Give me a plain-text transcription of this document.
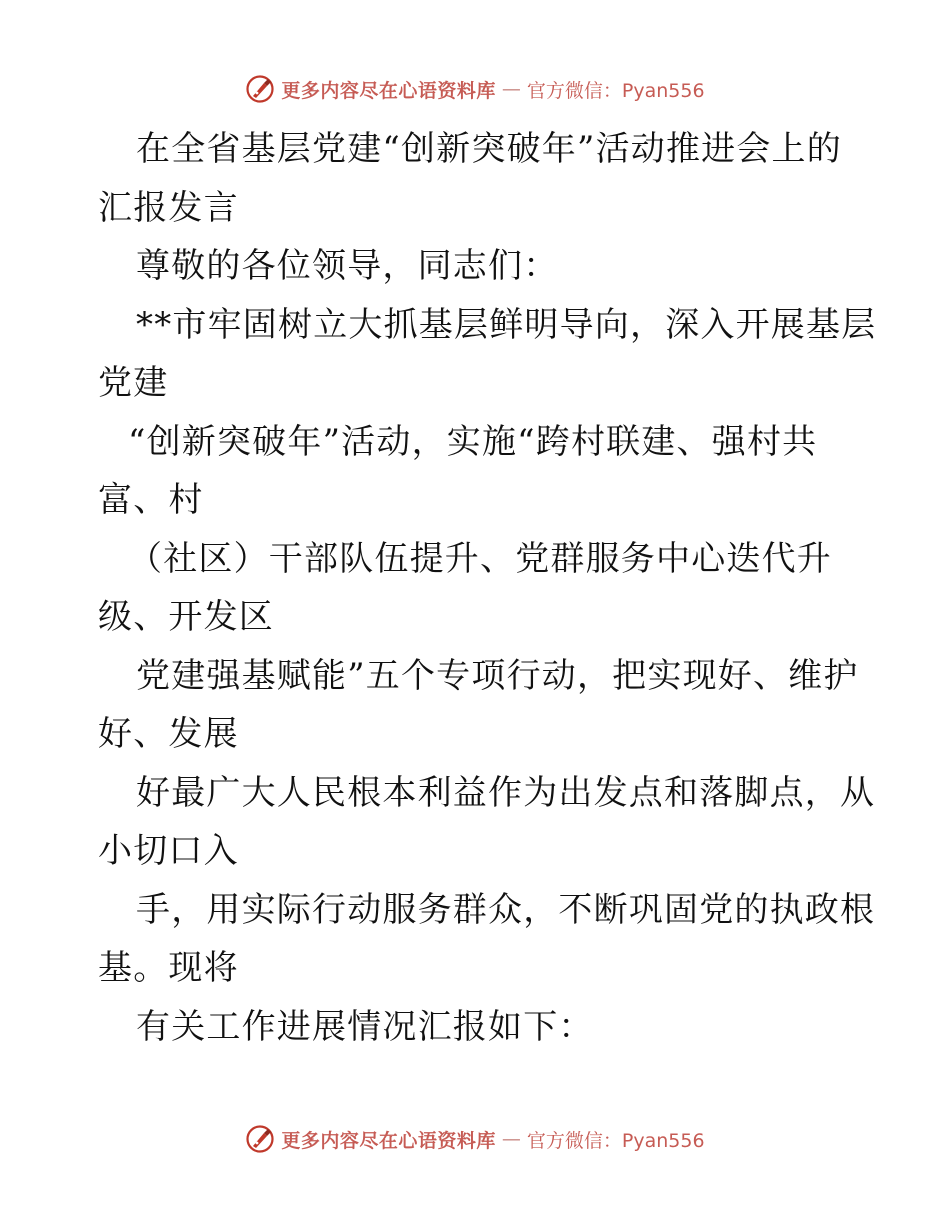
更多内容尽在心语资料库 — 官方微信：Pyan556
在全省基层党建“创新突破年”活动推进会上的
汇报发言
尊敬的各位领导，同志们：
**市牢固树立大抓基层鲜明导向，深入开展基层
党建
“创新突破年”活动，实施“跨村联建、强村共
富、村
（社区）干部队伍提升、党群服务中心迭代升
级、开发区
党建强基赋能”五个专项行动，把实现好、维护
好、发展
好最广大人民根本利益作为出发点和落脚点，从
小切口入
手，用实际行动服务群众，不断巩固党的执政根
基。现将
有关工作进展情况汇报如下：
更多内容尽在心语资料库 — 官方微信：Pyan556
